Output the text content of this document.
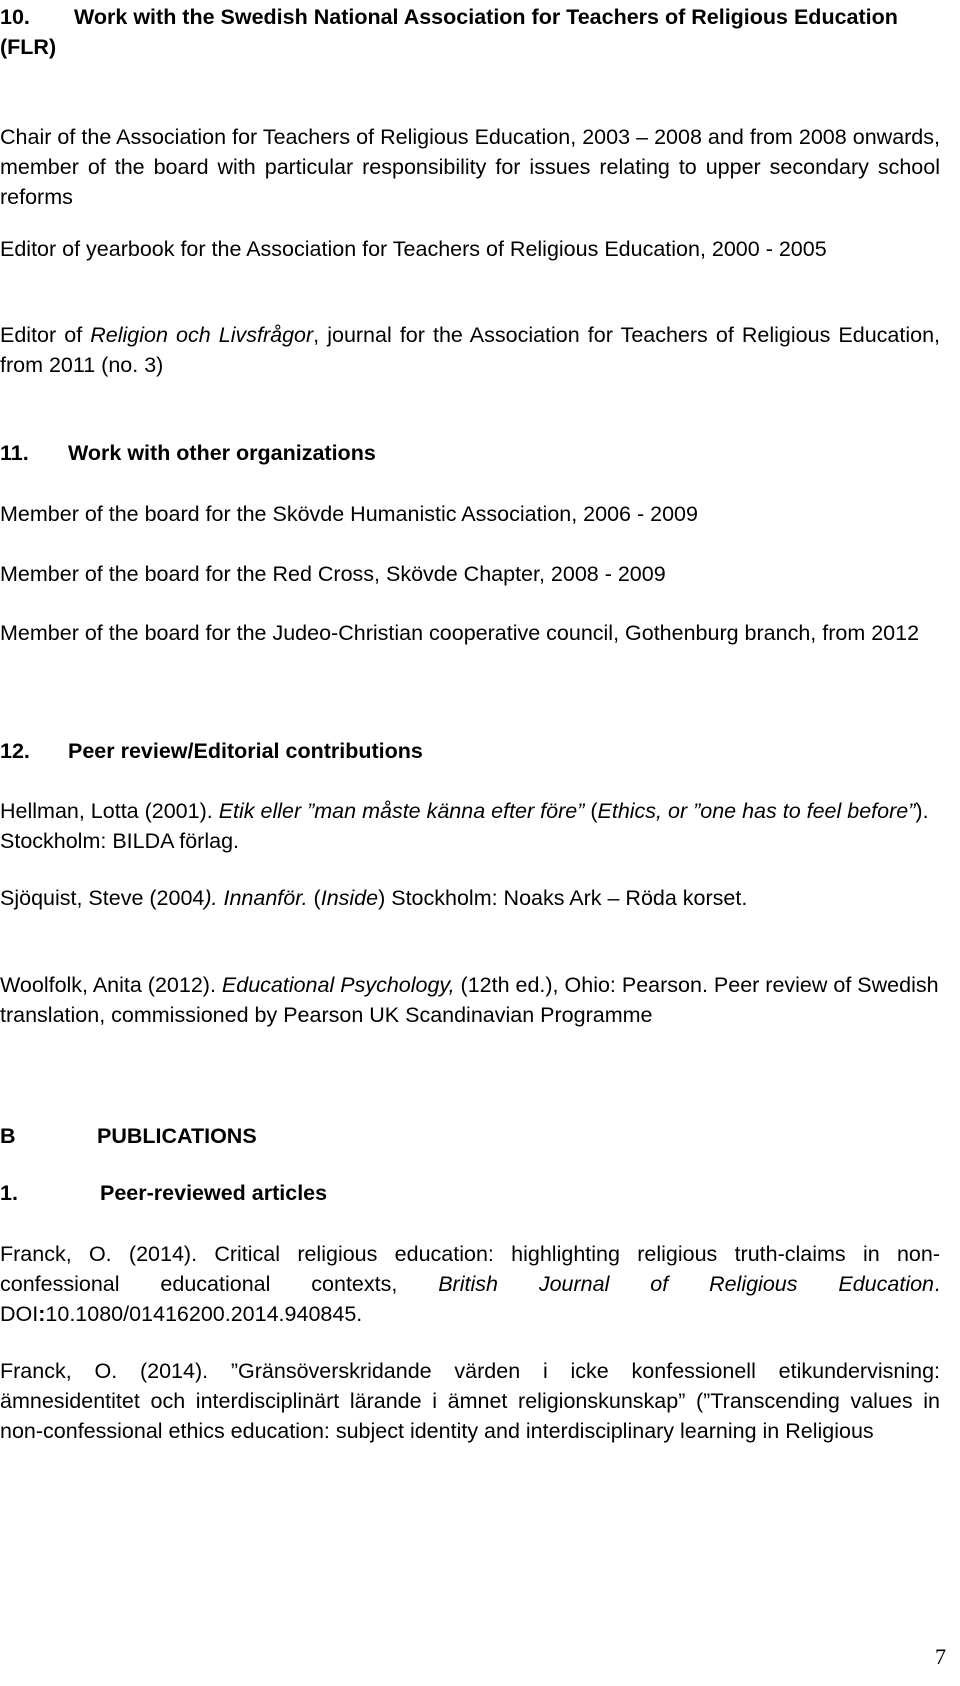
10. Work with the Swedish National Association for Teachers of Religious Education (FLR)

Chair of the Association for Teachers of Religious Education, 2003 – 2008 and from 2008 onwards, member of the board with particular responsibility for issues relating to upper secondary school reforms

Editor of yearbook for the Association for Teachers of Religious Education, 2000 - 2005

Editor of Religion och Livsfrågor, journal for the Association for Teachers of Religious Education, from 2011 (no. 3)

11. Work with other organizations

Member of the board for the Skövde Humanistic Association, 2006 - 2009

Member of the board for the Red Cross, Skövde Chapter, 2008 - 2009

Member of the board for the Judeo-Christian cooperative council, Gothenburg branch, from 2012

12. Peer review/Editorial contributions

Hellman, Lotta (2001). Etik eller ”man måste känna efter före” (Ethics, or ”one has to feel before”). Stockholm: BILDA förlag.

Sjöquist, Steve (2004). Innanför. (Inside) Stockholm: Noaks Ark – Röda korset.

Woolfolk, Anita (2012). Educational Psychology, (12th ed.), Ohio: Pearson. Peer review of Swedish translation, commissioned by Pearson UK Scandinavian Programme

B	PUBLICATIONS
1.	Peer-reviewed articles

Franck, O. (2014). Critical religious education: highlighting religious truth-claims in non-confessional educational contexts, British Journal of Religious Education. DOI:10.1080/01416200.2014.940845.

Franck, O. (2014). ”Gränsöverskridande värden i icke konfessionell etikundervisning: ämnesidentitet och interdisciplinärt lärande i ämnet religionskunskap” (”Transcending values in non-confessional ethics education: subject identity and interdisciplinary learning in Religious

7
